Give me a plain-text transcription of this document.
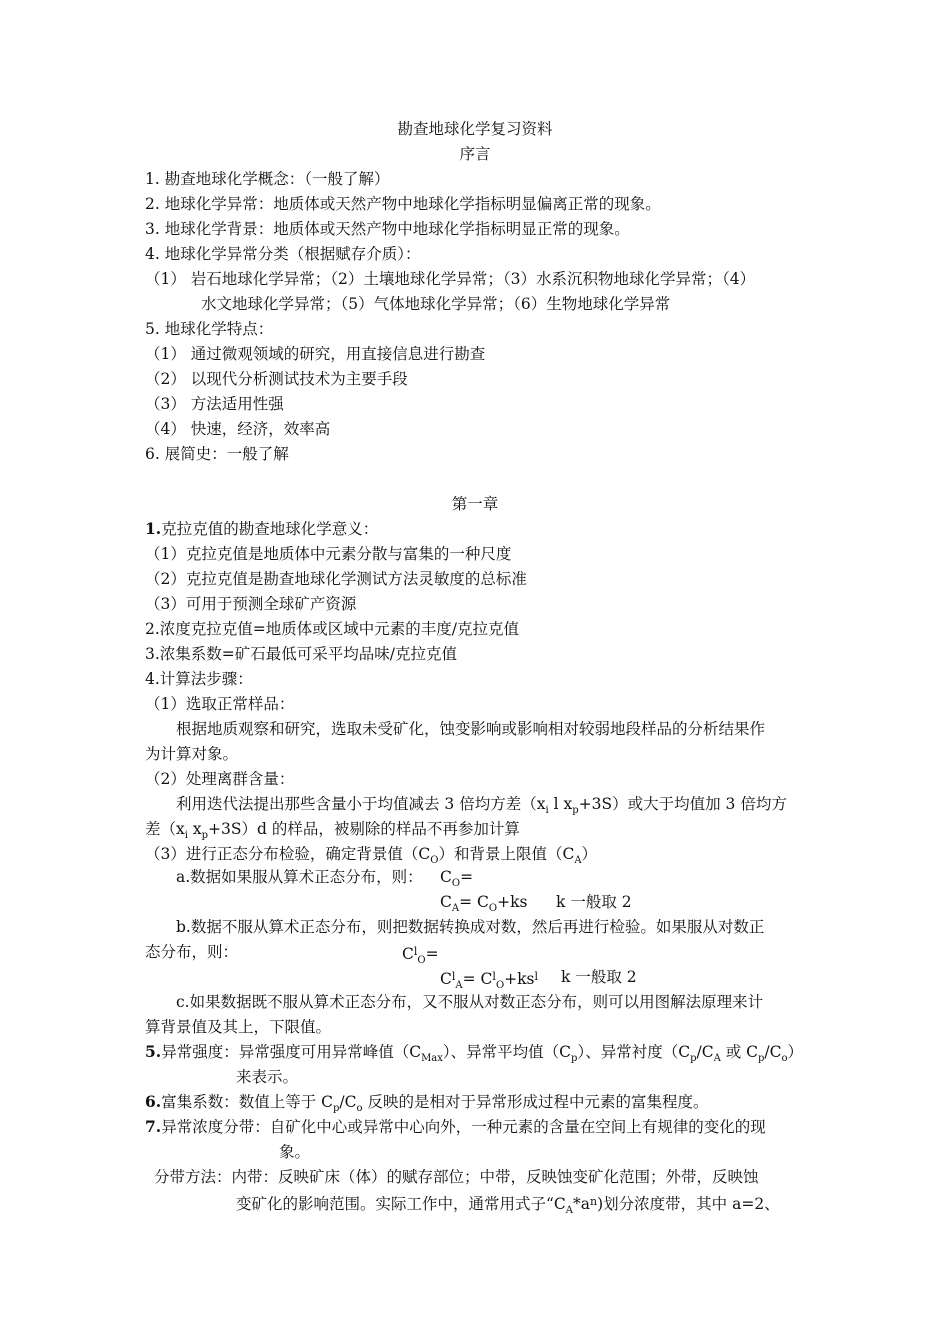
勘查地球化学复习资料
序言
1. 勘查地球化学概念：（一般了解）
2. 地球化学异常：地质体或天然产物中地球化学指标明显偏离正常的现象。
3. 地球化学背景：地质体或天然产物中地球化学指标明显正常的现象。
4. 地球化学异常分类（根据赋存介质）：
（1） 岩石地球化学异常；（2）土壤地球化学异常；（3）水系沉积物地球化学异常；（4）
水文地球化学异常；（5）气体地球化学异常；（6）生物地球化学异常
5. 地球化学特点：
（1） 通过微观领域的研究，用直接信息进行勘查
（2） 以现代分析测试技术为主要手段
（3） 方法适用性强
（4） 快速，经济，效率高
6. 展简史：一般了解
第一章
1.克拉克值的勘查地球化学意义：
（1）克拉克值是地质体中元素分散与富集的一种尺度
（2）克拉克值是勘查地球化学测试方法灵敏度的总标准
（3）可用于预测全球矿产资源
2.浓度克拉克值=地质体或区域中元素的丰度/克拉克值
3.浓集系数=矿石最低可采平均品味/克拉克值
4.计算法步骤：
（1）选取正常样品：
根据地质观察和研究，选取未受矿化，蚀变影响或影响相对较弱地段样品的分析结果作
为计算对象。
（2）处理离群含量：
利用迭代法提出那些含量小于均值减去 3 倍均方差（$x_i$ l $x_p+3S$）或大于均值加 3 倍均方
差（$x_i$ $x_p+3S)d$ 的样品，被剔除的样品不再参加计算
（3）进行正态分布检验，确定背景值$(C_O)$和背景上限值$(C_A)$
a.数据如果服从算术正态分布，则： $C_O=$
$C_A= C_O+ks$ k 一般取 2
b.数据不服从算术正态分布，则把数据转换成对数，然后再进行检验。如果服从对数正
态分布，则：	$C^l_O=$
$C^l_A= C^l_O+ks^l$ k 一般取 2
c.如果数据既不服从算术正态分布，又不服从对数正态分布，则可以用图解法原理来计
算背景值及其上，下限值。
5.异常强度：异常强度可用异常峰值$(C_{Max})$、异常平均值$(C_p)$、异常衬度（$C_p/C_A$ 或 $C_p/C_o$）
来表示。
6.富集系数：数值上等于 $C_p/C_o$ 反映的是相对于异常形成过程中元素的富集程度。
7.异常浓度分带：自矿化中心或异常中心向外，一种元素的含量在空间上有规律的变化的现
象。
分带方法：内带：反映矿床（体）的赋存部位；中带，反映蚀变矿化范围；外带，反映蚀
变矿化的影响范围。实际工作中，通常用式子“$C_A*a^n$)划分浓度带，其中 a=2、
